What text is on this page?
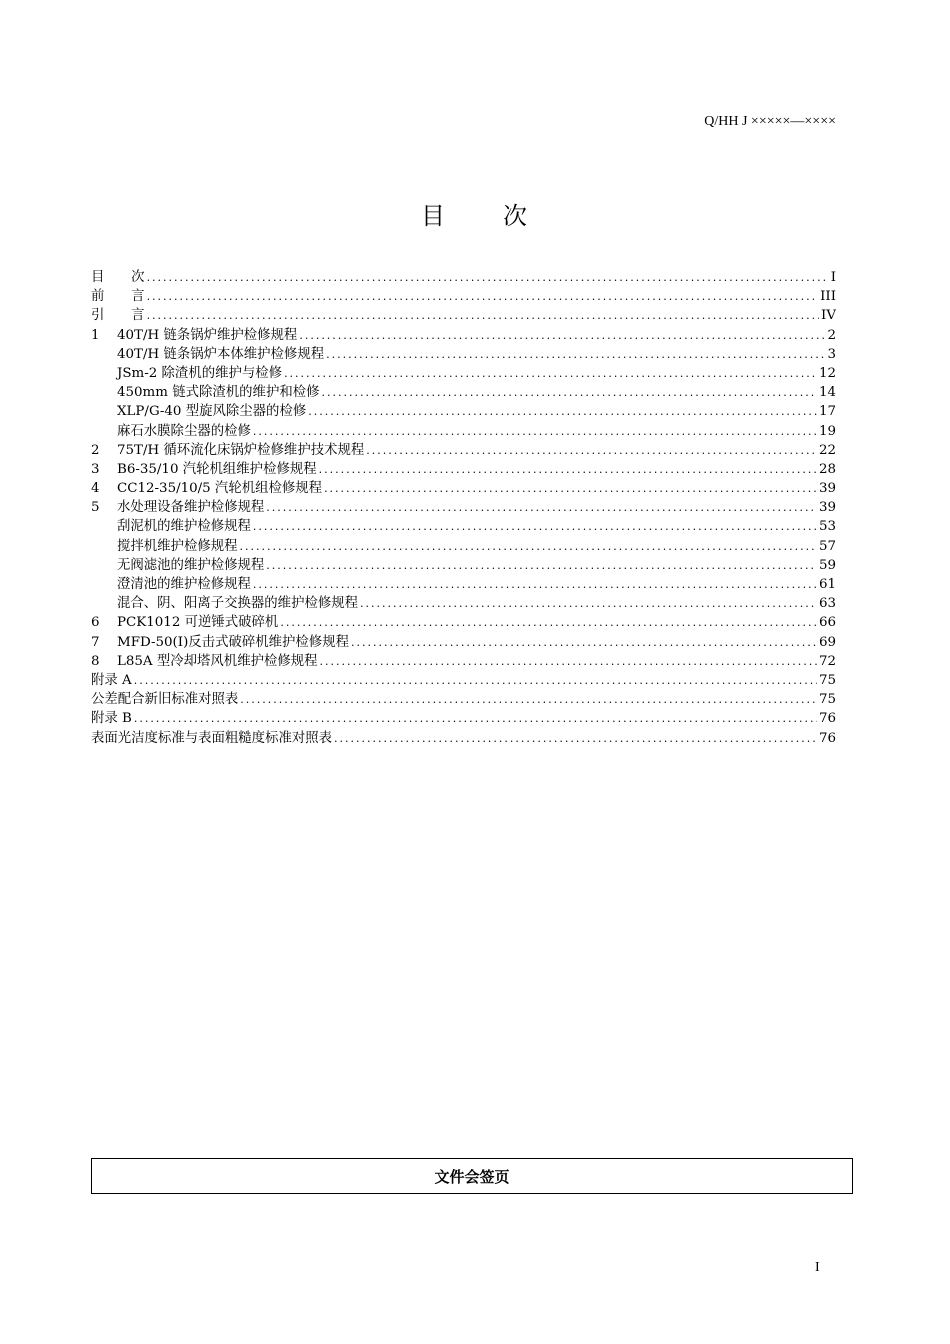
Q/HH J ×××××—××××
目 次
目　　次 .....	I
前　　言 .....	III
引　　言 .....	IV
1	40T/H 链条锅炉维护检修规程 .....	2
40T/H 链条锅炉本体维护检修规程 .....	3
JSm-2 除渣机的维护与检修 .....	12
450mm 链式除渣机的维护和检修 .....	14
XLP/G-40 型旋风除尘器的检修 .....	17
麻石水膜除尘器的检修 .....	19
2	75T/H 循环流化床锅炉检修维护技术规程 .....	22
3	B6-35/10 汽轮机组维护检修规程 .....	28
4	CC12-35/10/5 汽轮机组检修规程 .....	39
5	水处理设备维护检修规程 .....	39
刮泥机的维护检修规程 .....	53
搅拌机维护检修规程 .....	57
无阀滤池的维护检修规程 .....	59
澄清池的维护检修规程 .....	61
混合、阴、阳离子交换器的维护检修规程 .....	63
6	PCK1012 可逆锤式破碎机 .....	66
7	MFD-50(I)反击式破碎机维护检修规程 .....	69
8	L85A 型冷却塔风机维护检修规程 .....	72
附录 A .....	75
公差配合新旧标准对照表 .....	75
附录 B .....	76
表面光洁度标准与表面粗糙度标准对照表 .....	76
文件会签页
I
